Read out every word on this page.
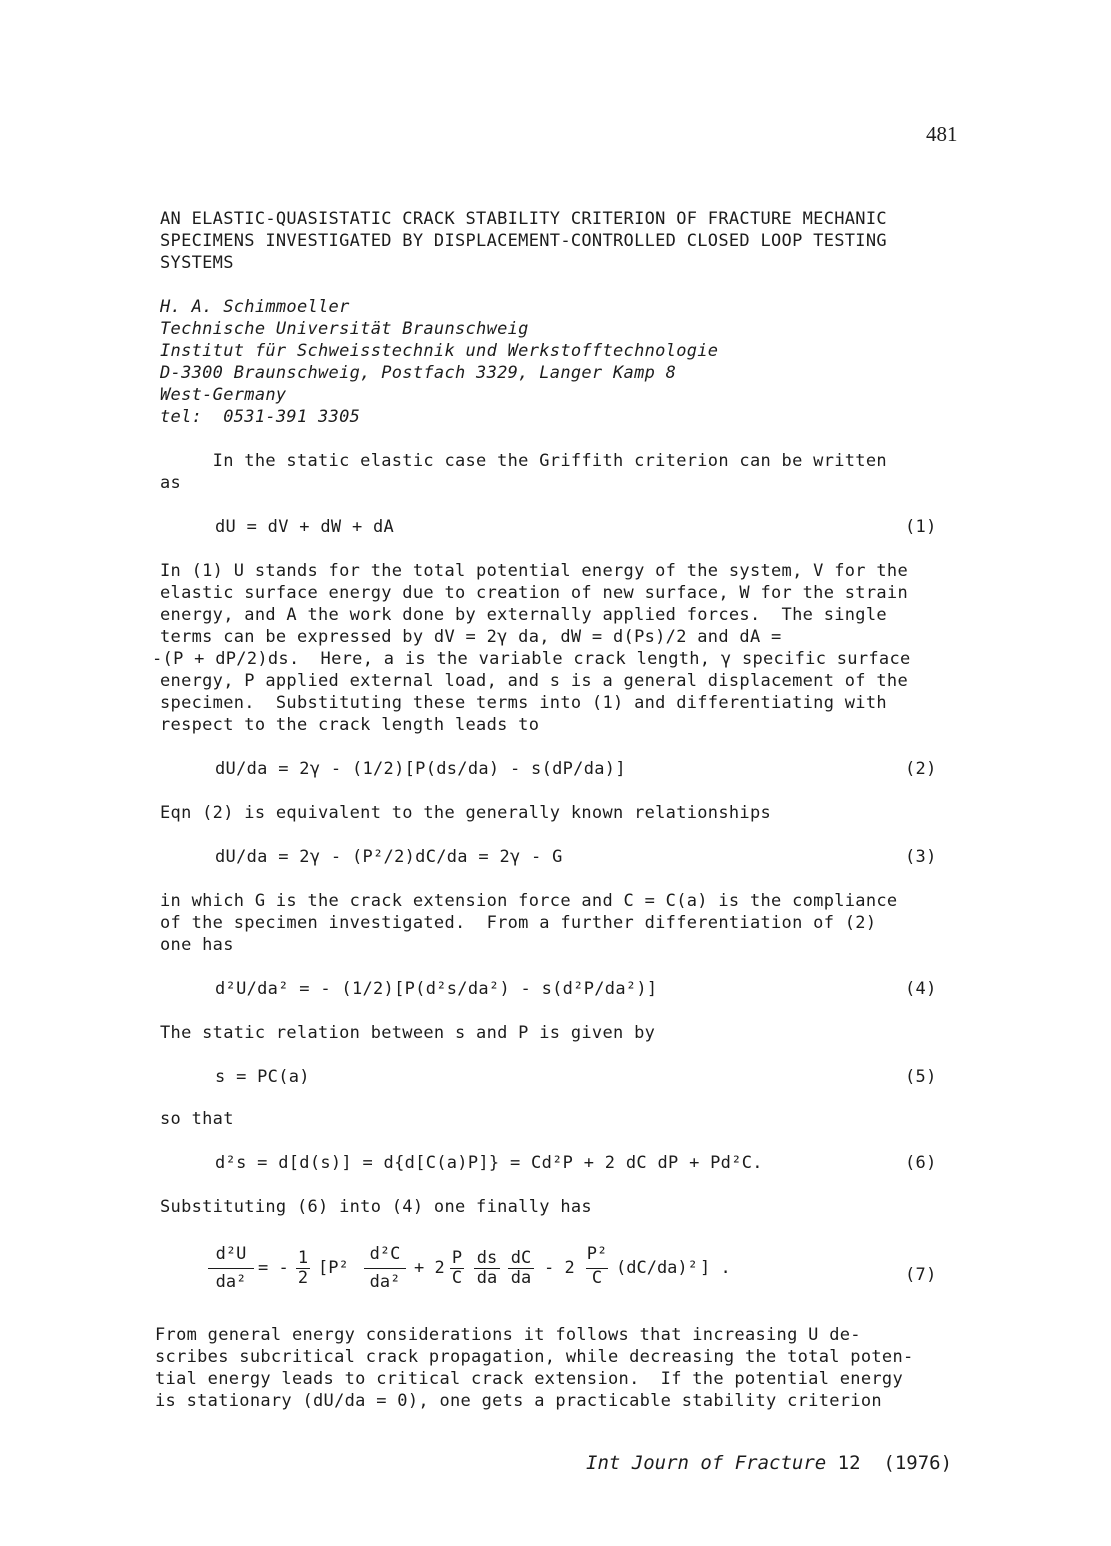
481
AN ELASTIC-QUASISTATIC CRACK STABILITY CRITERION OF FRACTURE MECHANIC
SPECIMENS INVESTIGATED BY DISPLACEMENT-CONTROLLED CLOSED LOOP TESTING
SYSTEMS
H. A. Schimmoeller
Technische Universität Braunschweig
Institut für Schweisstechnik und Werkstofftechnologie
D-3300 Braunschweig, Postfach 3329, Langer Kamp 8
West-Germany
tel:  0531-391 3305
In the static elastic case the Griffith criterion can be written
as
dU = dV + dW + dA	(1)
In (1) U stands for the total potential energy of the system, V for the
elastic surface energy due to creation of new surface, W for the strain
energy, and A the work done by externally applied forces.  The single
terms can be expressed by dV = 2γ da, dW = d(Ps)/2 and dA =
-(P + dP/2)ds.  Here, a is the variable crack length, γ specific surface
energy, P applied external load, and s is a general displacement of the
specimen.  Substituting these terms into (1) and differentiating with
respect to the crack length leads to
dU/da = 2γ - (1/2)[P(ds/da) - s(dP/da)]	(2)
Eqn (2) is equivalent to the generally known relationships
dU/da = 2γ - (P²/2)dC/da = 2γ - G	(3)
in which G is the crack extension force and C = C(a) is the compliance
of the specimen investigated.  From a further differentiation of (2)
one has
d²U/da² = - (1/2)[P(d²s/da²) - s(d²P/da²)]	(4)
The static relation between s and P is given by
s = PC(a)	(5)
so that
d²s = d[d(s)] = d{d[C(a)P]} = Cd²P + 2 dC dP + Pd²C.	(6)
Substituting (6) into (4) one finally has

d²U

da²

= -

1

2

[P²

d²C

da²

+ 2

P

C

ds

da

dC

da

- 2

P²

C

(dC/da)²

] .	(7)
From general energy considerations it follows that increasing U de-
scribes subcritical crack propagation, while decreasing the total poten-
tial energy leads to critical crack extension.  If the potential energy
is stationary (dU/da = 0), one gets a practicable stability criterion
Int Journ of Fracture 12  (1976)
